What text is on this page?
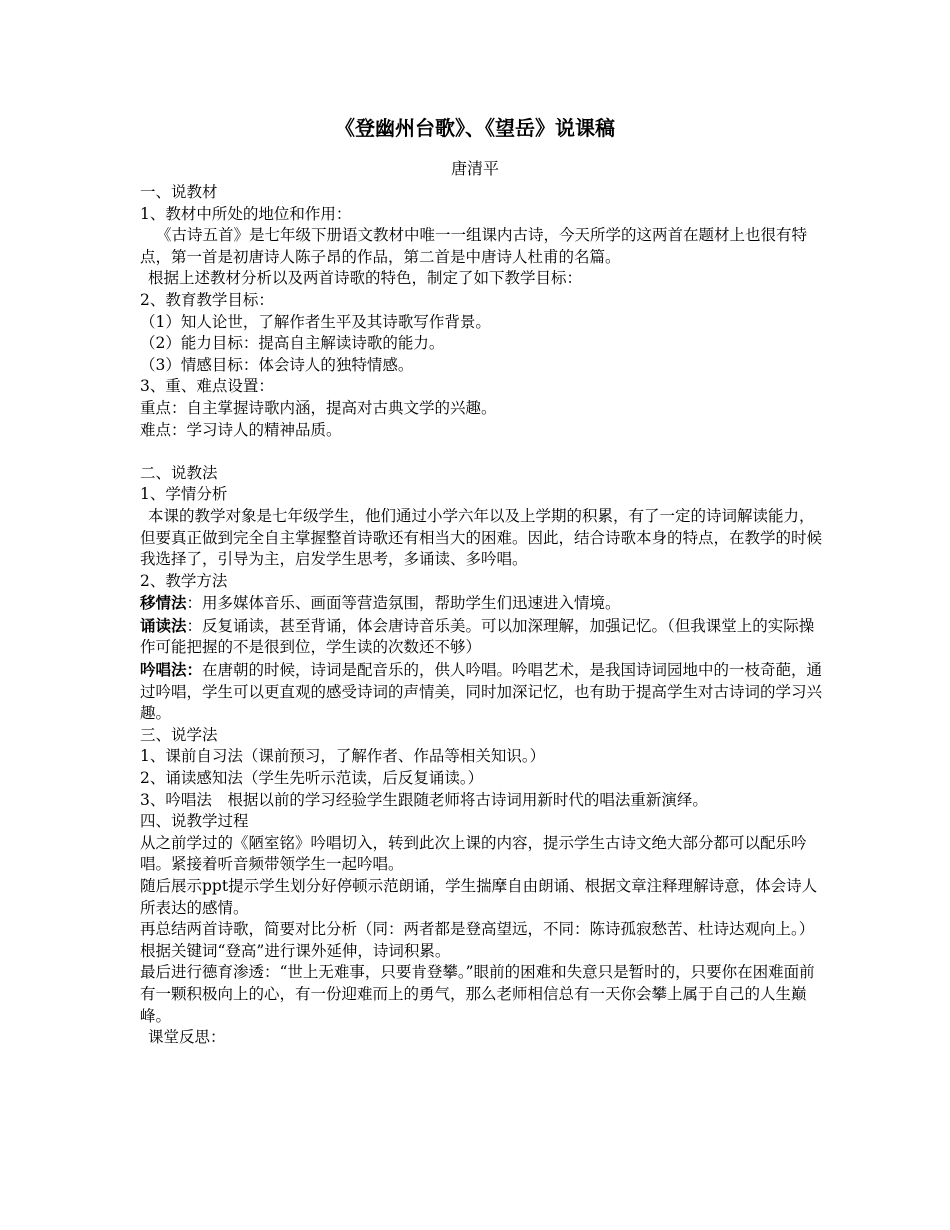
《登幽州台歌》、《望岳》说课稿
唐清平

一、说教材

1、教材中所处的地位和作用：

《古诗五首》是七年级下册语文教材中唯一一组课内古诗，今天所学的这两首在题材上也很有特点，第一首是初唐诗人陈子昂的作品，第二首是中唐诗人杜甫的名篇。

根据上述教材分析以及两首诗歌的特色，制定了如下教学目标：

2、教育教学目标：

（1）知人论世，了解作者生平及其诗歌写作背景。

（2）能力目标：提高自主解读诗歌的能力。

（3）情感目标：体会诗人的独特情感。

3、重、难点设置：

重点：自主掌握诗歌内涵，提高对古典文学的兴趣。

难点：学习诗人的精神品质。

二、说教法

1、学情分析

本课的教学对象是七年级学生，他们通过小学六年以及上学期的积累，有了一定的诗词解读能力，但要真正做到完全自主掌握整首诗歌还有相当大的困难。因此，结合诗歌本身的特点，在教学的时候我选择了，引导为主，启发学生思考，多诵读、多吟唱。

2、教学方法

移情法：用多媒体音乐、画面等营造氛围，帮助学生们迅速进入情境。

诵读法：反复诵读，甚至背诵，体会唐诗音乐美。可以加深理解，加强记忆。（但我课堂上的实际操作可能把握的不是很到位，学生读的次数还不够）

吟唱法：在唐朝的时候，诗词是配音乐的，供人吟唱。吟唱艺术，是我国诗词园地中的一枝奇葩，通过吟唱，学生可以更直观的感受诗词的声情美，同时加深记忆，也有助于提高学生对古诗词的学习兴趣。

三、说学法

1、课前自习法（课前预习，了解作者、作品等相关知识。）

2、诵读感知法（学生先听示范读，后反复诵读。）

3、吟唱法　根据以前的学习经验学生跟随老师将古诗词用新时代的唱法重新演绎。

四、说教学过程

从之前学过的《陋室铭》吟唱切入，转到此次上课的内容，提示学生古诗文绝大部分都可以配乐吟唱。紧接着听音频带领学生一起吟唱。

随后展示ppt提示学生划分好停顿示范朗诵，学生揣摩自由朗诵、根据文章注释理解诗意，体会诗人所表达的感情。

再总结两首诗歌，简要对比分析（同：两者都是登高望远，不同：陈诗孤寂愁苦、杜诗达观向上。）

根据关键词“登高”进行课外延伸，诗词积累。

最后进行德育渗透：“世上无难事，只要肯登攀。”眼前的困难和失意只是暂时的，只要你在困难面前有一颗积极向上的心，有一份迎难而上的勇气，那么老师相信总有一天你会攀上属于自己的人生巅峰。

课堂反思：
